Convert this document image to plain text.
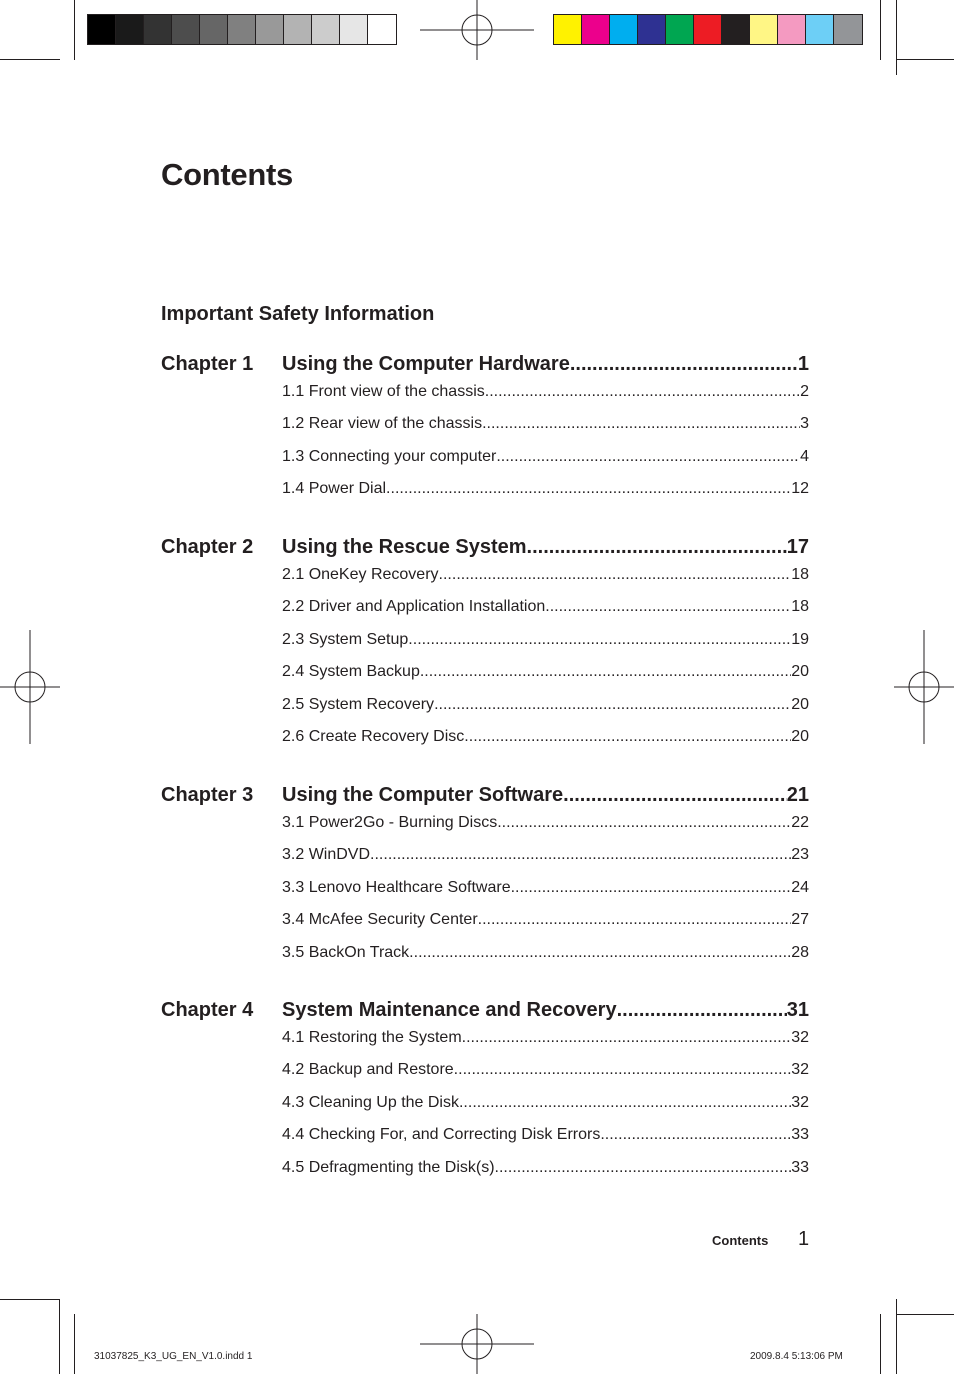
Contents
Important Safety Information
Chapter 1	Using the Computer Hardware .....	1
1.1 Front view of the chassis .....	2
1.2 Rear view of the chassis .....	3
1.3 Connecting your computer .....	4
1.4 Power Dial .....	12
Chapter 2	Using the Rescue System .....	17
2.1 OneKey Recovery .....	18
2.2 Driver and Application Installation .....	18
2.3 System Setup .....	19
2.4 System Backup .....	20
2.5 System Recovery .....	20
2.6 Create Recovery Disc .....	20
Chapter 3	Using the Computer Software .....	21
3.1 Power2Go - Burning Discs .....	22
3.2 WinDVD .....	23
3.3 Lenovo Healthcare Software .....	24
3.4 McAfee Security Center .....	27
3.5 BackOn Track .....	28
Chapter 4	System Maintenance and Recovery .....	31
4.1 Restoring the System .....	32
4.2 Backup and Restore .....	32
4.3 Cleaning Up the Disk .....	32
4.4 Checking For, and Correcting Disk Errors .....	33
4.5 Defragmenting the Disk(s) .....	33
Contents 1
31037825_K3_UG_EN_V1.0.indd 1	2009.8.4 5:13:06 PM
